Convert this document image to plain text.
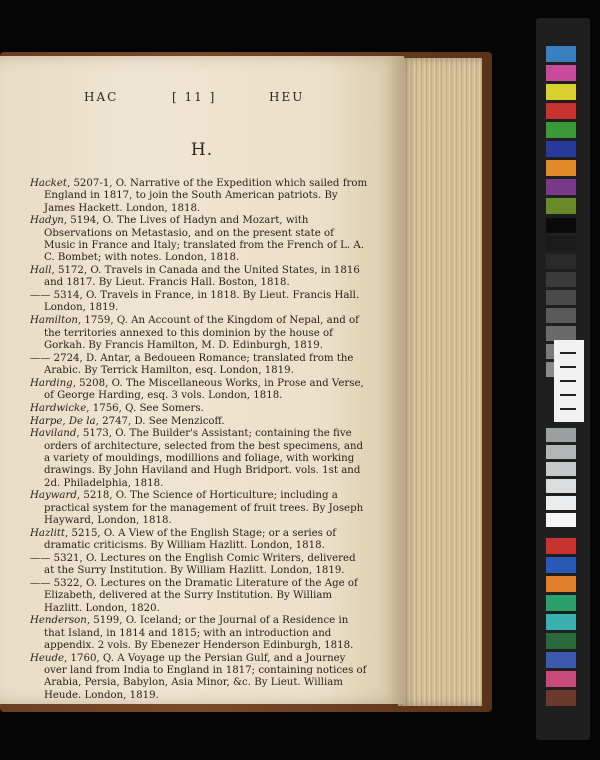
HAC	[ 11 ]	HEU
H.

Hacket, 5207-1, O. Narrative of the Expedition which sailed from England in 1817, to join the South American patriots. By James Hackett. London, 1818.

Hadyn, 5194, O. The Lives of Hadyn and Mozart, with Observations on Metastasio, and on the present state of Music in France and Italy; translated from the French of L. A. C. Bombet; with notes. London, 1818.

Hall, 5172, O. Travels in Canada and the United States, in 1816 and 1817. By Lieut. Francis Hall. Boston, 1818.

—— 5314, O. Travels in France, in 1818. By Lieut. Francis Hall. London, 1819.

Hamilton, 1759, Q. An Account of the Kingdom of Nepal, and of the territories annexed to this dominion by the house of Gorkah. By Francis Hamilton, M. D. Edinburgh, 1819.

—— 2724, D. Antar, a Bedoueen Romance; translated from the Arabic. By Terrick Hamilton, esq. London, 1819.

Harding, 5208, O. The Miscellaneous Works, in Prose and Verse, of George Harding, esq. 3 vols. London, 1818.

Hardwicke, 1756, Q. See Somers.

Harpe, De la, 2747, D. See Menzicoff.

Haviland, 5173, O. The Builder's Assistant; containing the five orders of architecture, selected from the best specimens, and a variety of mouldings, modillions and foliage, with working drawings. By John Haviland and Hugh Bridport. vols. 1st and 2d. Philadelphia, 1818.

Hayward, 5218, O. The Science of Horticulture; including a practical system for the management of fruit trees. By Joseph Hayward, London, 1818.

Hazlitt, 5215, O. A View of the English Stage; or a series of dramatic criticisms. By William Hazlitt. London, 1818.

—— 5321, O. Lectures on the English Comic Writers, delivered at the Surry Institution. By William Hazlitt. London, 1819.

—— 5322, O. Lectures on the Dramatic Literature of the Age of Elizabeth, delivered at the Surry Institution. By William Hazlitt. London, 1820.

Henderson, 5199, O. Iceland; or the Journal of a Residence in that Island, in 1814 and 1815; with an introduction and appendix. 2 vols. By Ebenezer Henderson Edinburgh, 1818.

Heude, 1760, Q. A Voyage up the Persian Gulf, and a Journey over land from India to England in 1817; containing notices of Arabia, Persia, Babylon, Asia Minor, &c. By Lieut. William Heude. London, 1819.
